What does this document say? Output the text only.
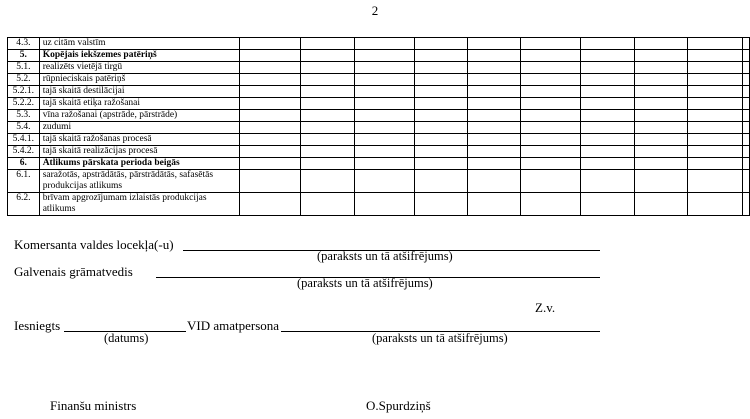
2
4.3.	uz citām valstīm										
5.	Kopējais iekšzemes patēriņš										
5.1.	realizēts vietējā tirgū										
5.2.	rūpnieciskais patēriņš										
5.2.1.	tajā skaitā destilācijai										
5.2.2.	tajā skaitā etiķa ražošanai										
5.3.	vīna ražošanai (apstrāde, pārstrāde)										
5.4.	zudumi										
5.4.1.	tajā skaitā ražošanas procesā										
5.4.2.	tajā skaitā realizācijas procesā										
6.	Atlikums pārskata perioda beigās										
6.1.	saražotās, apstrādātās, pārstrādātās, safasētās produkcijas atlikums										
6.2.	brīvam apgrozījumam izlaistās produkcijas atlikums										
Komersanta valdes locekļa(-u)
(paraksts un tā atšifrējums)
Galvenais grāmatvedis
(paraksts un tā atšifrējums)
Z.v.
Iesniegts	VID amatpersona
(datums)	(paraksts un tā atšifrējums)
Finanšu ministrs	O.Spurdziņš
